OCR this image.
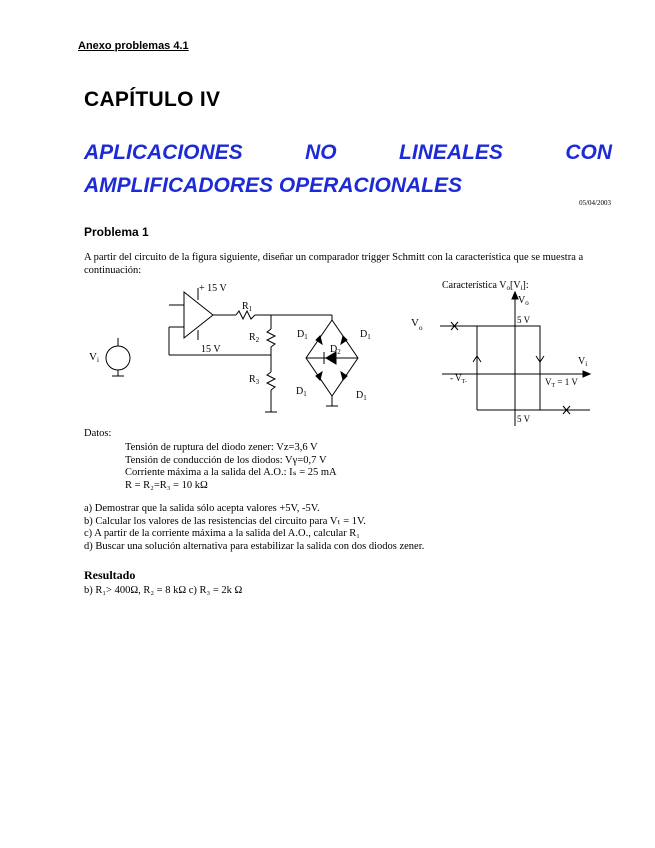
Anexo problemas 4.1
CAPÍTULO IV
APLICACIONES NO LINEALES CON
AMPLIFICADORES OPERACIONALES
05/04/2003
Problema 1
A partir del circuito de la figura siguiente, diseñar un comparador trigger Schmitt con la característica que se muestra a continuación:
+ 15 V
15 V
$R_1$
$R_2$
$R_3$
Vi
$D_1$	$D_1$
$D_2$
$D_1$	$D_1$
Característica $V_o[V_i]$:
$V_o$
$V_o$
$V_i$
5 V
5 V
- $V_{T-}$	$V_T = 1$ V
Datos:
Tensión de ruptura del diodo zener: Vᴢ=3,6 V
Tensión de conducción de los diodos: Vγ=0,7 V
Corriente máxima a la salida del A.O.: Iₛ = 25 mA
R = R₂=R₃ = 10 kΩ
a) Demostrar que la salida sólo acepta valores +5V, -5V.
b) Calcular los valores de las resistencias del circuito para Vₜ = 1V.
c) A partir de la corriente máxima a la salida del A.O., calcular R₁
d) Buscar una solución alternativa para estabilizar la salida con dos diodos zener.
Resultado
b) R₁> 400Ω, R₂ = 8 kΩ c) R₃ = 2k Ω
